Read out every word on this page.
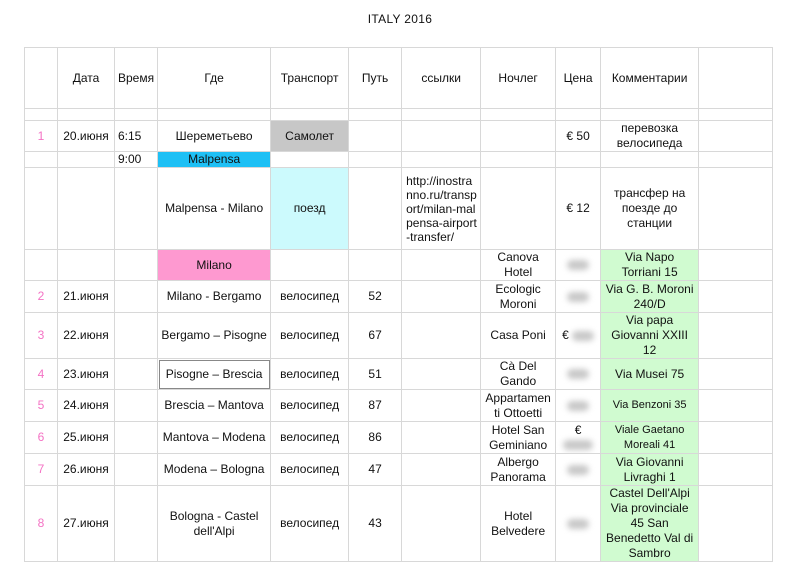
ITALY 2016
	Дата	Время	Где	Транспорт	Путь	ссылки	Ночлег	Цена	Комментарии	

1	20.июня	6:15	Шереметьево	Самолет				€ 50	перевозка велосипеда	
		9:00	Malpensa							
			Malpensa - Milano	поезд		http://inostranno.ru/transport/milan-malpensa-airport-transfer/		€ 12	трансфер на поезде до станции	
			Milano				Canova Hotel		Via Napo Torriani 15	
2	21.июня		Milano - Bergamo	велосипед	52		Ecologic Moroni		Via G. B. Moroni 240/D	
3	22.июня		Bergamo – Pisogne	велосипед	67		Casa Poni	€	Via papa Giovanni XXIII 12	
4	23.июня		Pisogne – Brescia	велосипед	51		Cà Del Gando		Via Musei 75	
5	24.июня		Brescia – Mantova	велосипед	87		Appartamenti Ottoetti		Via Benzoni 35	
6	25.июня		Mantova – Modena	велосипед	86		Hotel San Geminiano	€	Viale Gaetano Moreali 41	
7	26.июня		Modena – Bologna	велосипед	47		Albergo Panorama		Via Giovanni Livraghi 1	
8	27.июня		Bologna - Castel dell'Alpi	велосипед	43		Hotel Belvedere		Castel Dell'Alpi Via provinciale 45 San Benedetto Val di Sambro	
